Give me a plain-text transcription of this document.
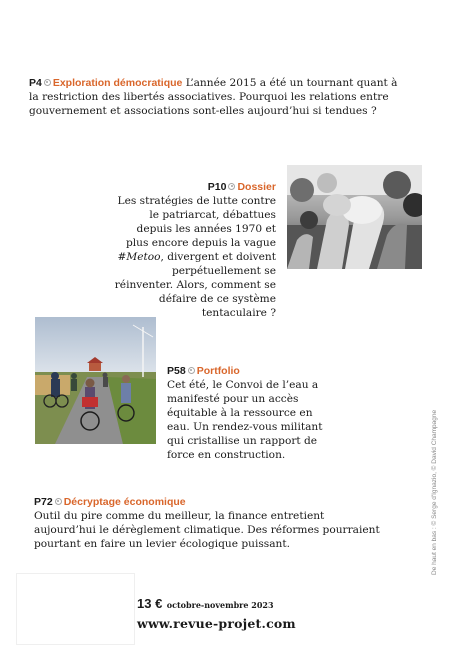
P4 Exploration démocratique L’année 2015 a été un tournant quant à la restriction des libertés associatives. Pourquoi les relations entre gouvernement et associations sont-elles aujourd’hui si tendues ?
P10 Dossier
Les stratégies de lutte contre le patriarcat, débattues depuis les années 1970 et plus encore depuis la vague #Metoo, divergent et doivent perpétuellement se réinventer. Alors, comment se défaire de ce système tentaculaire ?
P58 Portfolio
Cet été, le Convoi de l’eau a manifesté pour un accès équitable à la ressource en eau. Un rendez-vous militant qui cristallise un rapport de force en construction.
P72 Décryptage économique
Outil du pire comme du meilleur, la finance entretient aujourd’hui le dérèglement climatique. Des réformes pourraient pourtant en faire un levier écologique puissant.	De haut en bas : © Serge d'Ignazio, © David Champagne
13 € octobre-novembre 2023
www.revue-projet.com
